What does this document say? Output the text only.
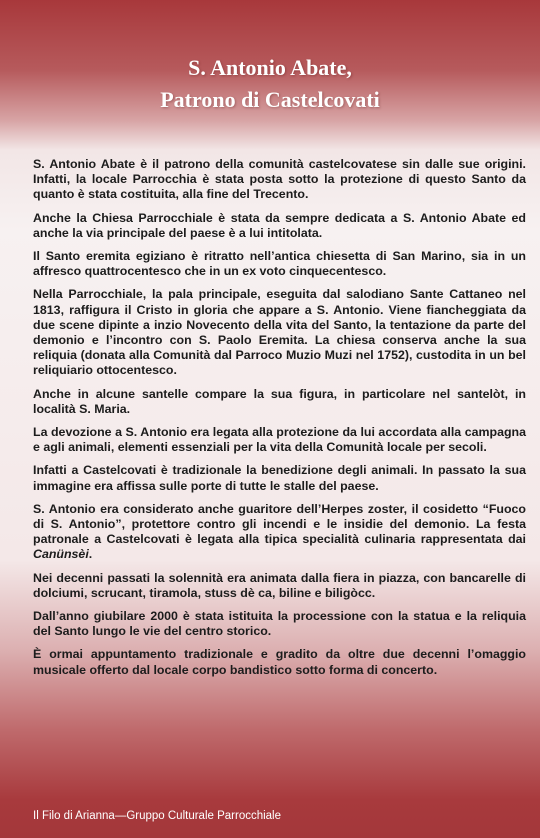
S. Antonio Abate,
Patrono di Castelcovati

S. Antonio Abate è il patrono della comunità castelcovatese sin dalle sue origini. Infatti, la locale Parrocchia è stata posta sotto la protezione di questo Santo da quanto è stata costituita, alla fine del Trecento.

Anche la Chiesa Parrocchiale è stata da sempre dedicata a S. Antonio Abate ed anche la via principale del paese è a lui intitolata.

Il Santo eremita egiziano è ritratto nell’antica chiesetta di San Marino, sia in un affresco quattrocentesco che in un ex voto cinquecentesco.

Nella Parrocchiale, la pala principale, eseguita dal salodiano Sante Cattaneo nel 1813, raffigura il Cristo in gloria che appare a S. Antonio. Viene fiancheggiata da due scene dipinte a inzio Novecento della vita del Santo, la tentazione da parte del demonio e l’incontro con S. Paolo Eremita. La chiesa conserva anche la sua reliquia (donata alla Comunità dal Parroco Muzio Muzi nel 1752), custodita in un bel reliquiario ottocentesco.

Anche in alcune santelle compare la sua figura, in particolare nel santelòt, in località S. Maria.

La devozione a S. Antonio era legata alla protezione da lui accordata alla campagna e agli animali, elementi essenziali per la vita della Comunità locale per secoli.

Infatti a Castelcovati è tradizionale la benedizione degli animali. In passato la sua immagine era affissa sulle porte di tutte le stalle del paese.

S. Antonio era considerato anche guaritore dell’Herpes zoster, il cosidetto “Fuoco di S. Antonio”, protettore contro gli incendi e le insidie del demonio. La festa patronale a Castelcovati è legata alla tipica specialità culinaria rappresentata dai Canünsèi.

Nei decenni passati la solennità era animata dalla fiera in piazza, con bancarelle di dolciumi, scrucant, tiramola, stuss dè ca, biline e biligòcc.

Dall’anno giubilare 2000 è stata istituita la processione con la statua e la reliquia del Santo lungo le vie del centro storico.

È ormai appuntamento tradizionale e gradito da oltre due decenni l’omaggio musicale offerto dal locale corpo bandistico sotto forma di concerto.

Il Filo di Arianna—Gruppo Culturale Parrocchiale
